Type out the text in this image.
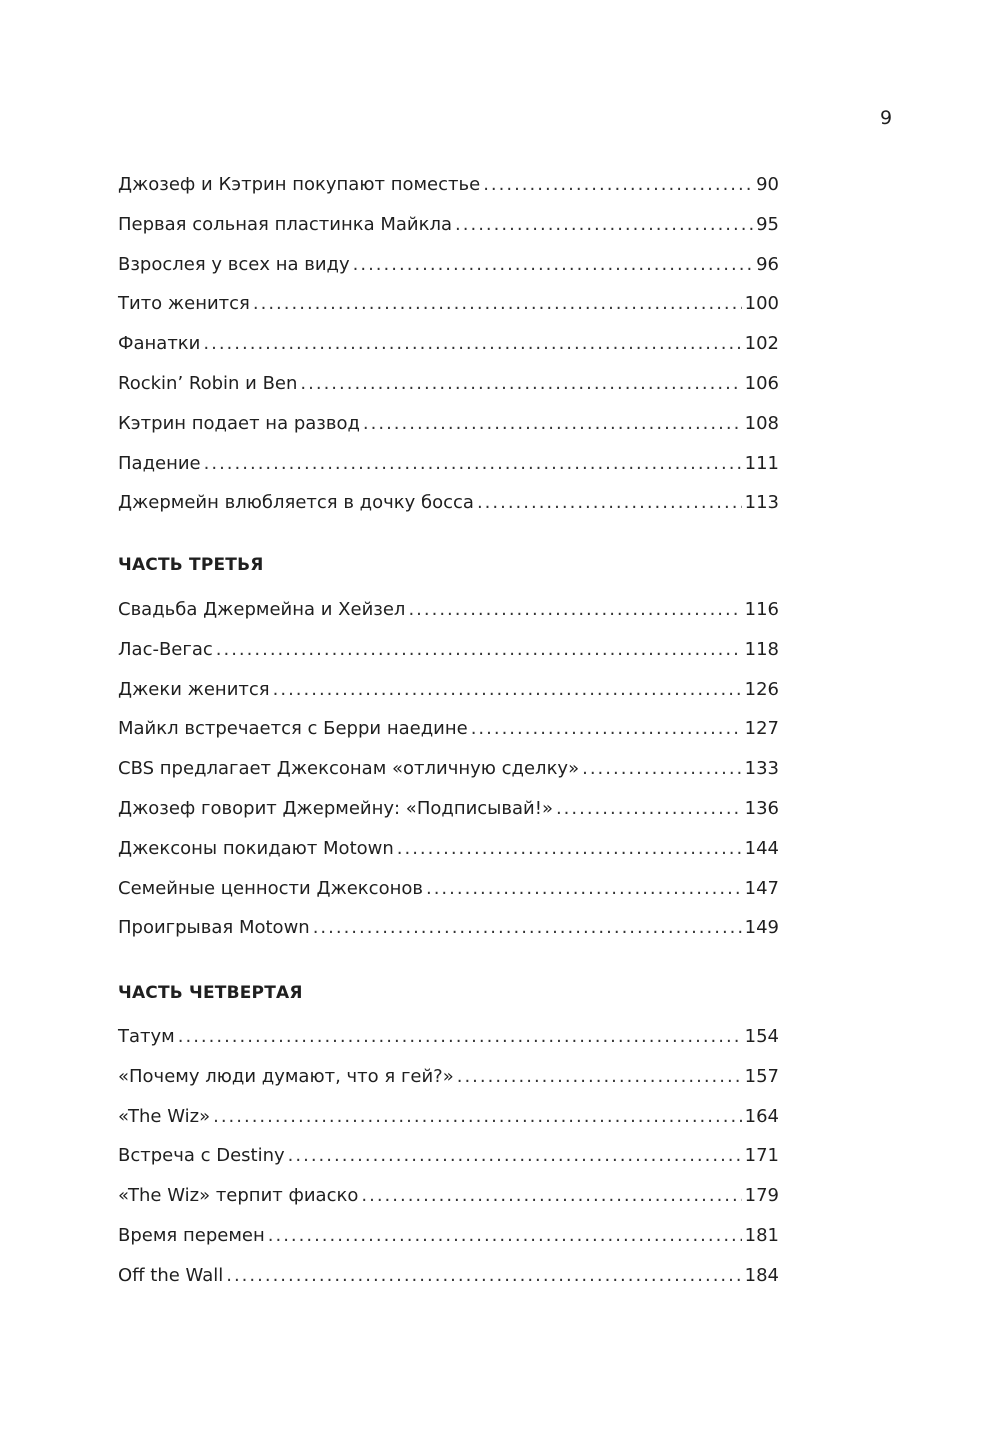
9
Джозеф и Кэтрин покупают поместье .....	90
Первая сольная пластинка Майкла .....	95
Взрослея у всех на виду .....	96
Тито женится .....	100
Фанатки .....	102
Rockin’ Robin и Ben .....	106
Кэтрин подает на развод .....	108
Падение .....	111
Джермейн влюбляется в дочку босса .....	113
ЧАСТЬ ТРЕТЬЯ
Свадьба Джермейна и Хейзел .....	116
Лас-Вегас .....	118
Джеки женится .....	126
Майкл встречается с Берри наедине .....	127
CBS предлагает Джексонам «отличную сделку» .....	133
Джозеф говорит Джермейну: «Подписывай!» .....	136
Джексоны покидают Motown .....	144
Семейные ценности Джексонов .....	147
Проигрывая Motown .....	149
ЧАСТЬ ЧЕТВЕРТАЯ
Татум .....	154
«Почему люди думают, что я гей?» .....	157
«The Wiz» .....	164
Встреча с Destiny .....	171
«The Wiz» терпит фиаско .....	179
Время перемен .....	181
Off the Wall .....	184
